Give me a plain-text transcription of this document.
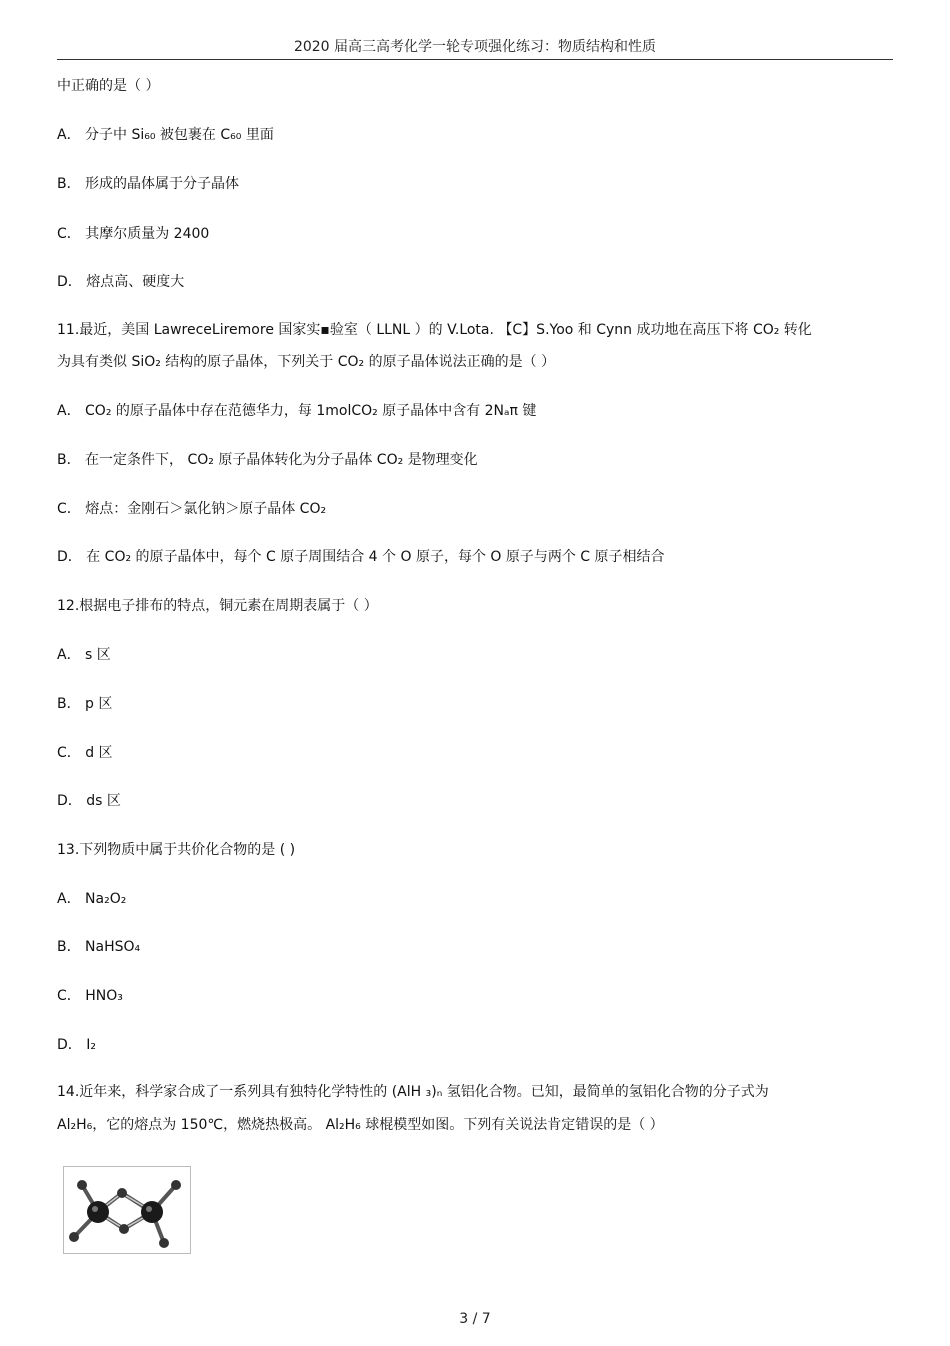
2020 届高三高考化学一轮专项强化练习：物质结构和性质
中正确的是（ ）
A． 分子中 Si₆₀ 被包裹在 C₆₀ 里面
B． 形成的晶体属于分子晶体
C． 其摩尔质量为 2400
D． 熔点高、硬度大
11.最近，美国 LawreceLiremore 国家实▪验室（ LLNL ）的 V.Lota. 【C】S.Yoo 和 Cynn 成功地在高压下将 CO₂ 转化
为具有类似 SiO₂ 结构的原子晶体，下列关于 CO₂ 的原子晶体说法正确的是（ ）
A． CO₂ 的原子晶体中存在范德华力，每 1molCO₂ 原子晶体中含有 2Nₐπ 键
B． 在一定条件下， CO₂ 原子晶体转化为分子晶体 CO₂ 是物理变化
C． 熔点：金刚石＞氯化钠＞原子晶体 CO₂
D． 在 CO₂ 的原子晶体中，每个 C 原子周围结合 4 个 O 原子，每个 O 原子与两个 C 原子相结合
12.根据电子排布的特点，铜元素在周期表属于（ ）
A． s 区
B． p 区
C． d 区
D． ds 区
13.下列物质中属于共价化合物的是 ( )
A． Na₂O₂
B． NaHSO₄
C． HNO₃
D． I₂
14.近年来，科学家合成了一系列具有独特化学特性的 (AlH ₃)ₙ 氢铝化合物。已知，最简单的氢铝化合物的分子式为
Al₂H₆，它的熔点为 150℃，燃烧热极高。 Al₂H₆ 球棍模型如图。下列有关说法肯定错误的是（ ）
3 / 7
